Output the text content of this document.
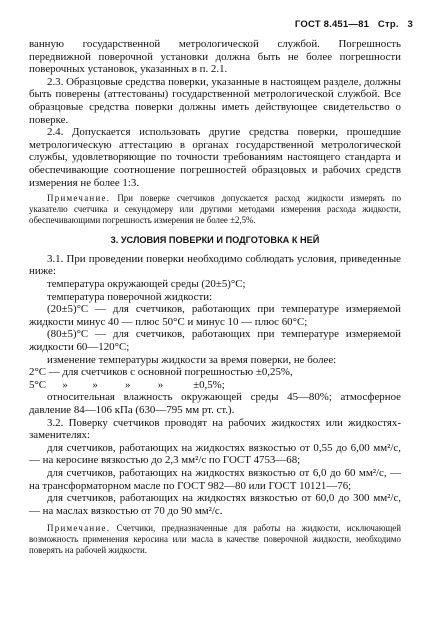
ГОСТ 8.451—81 Стр. 3

ванную государственной метрологической службой. Погрешность передвижной поверочной установки должна быть не более погрешности поверочных установок, указанных в п. 2.1.

2.3. Образцовые средства поверки, указанные в настоящем разделе, должны быть поверены (аттестованы) государственной метрологической службой. Все образцовые средства поверки должны иметь действующее свидетельство о поверке.

2.4. Допускается использовать другие средства поверки, прошедшие метрологическую аттестацию в органах государственной метрологической службы, удовлетворяющие по точности требованиям настоящего стандарта и обеспечивающие соотношение погрешностей образцовых и рабочих средств измерения не более 1:3.

Примечание. При поверке счетчиков допускается расход жидкости измерять по указателю счетчика и секундомеру или другими методами измерения расхода жидкости, обеспечивающими погрешность измерения не более ±2,5%.

3. УСЛОВИЯ ПОВЕРКИ И ПОДГОТОВКА К НЕЙ

3.1. При проведении поверки необходимо соблюдать условия, приведенные ниже:

температура окружающей среды (20±5)°С;

температура поверочной жидкости:

(20±5)°С — для счетчиков, работающих при температуре измеряемой жидкости минус 40 — плюс 50°С и минус 10 — плюс 60°С;

(80±5)°С — для счетчиков, работающих при температуре измеряемой жидкости 60—120°С;

изменение температуры жидкости за время поверки, не более:

2°С — для счетчиков с основной погрешностью ±0,25%,

5°С      »         »          »          »           ±0,5%;

относительная влажность окружающей среды 45—80%; атмосферное давление 84—106 кПа (630—795 мм рт. ст.).

3.2. Поверку счетчиков проводят на рабочих жидкостях или жидкостях-заменителях:

для счетчиков, работающих на жидкостях вязкостью от 0,55 до 6,00 мм²/с, — на керосине вязкостью до 2,3 мм²/с по ГОСТ 4753—68;

для счетчиков, работающих на жидкостях вязкостью от 6,0 до 60 мм²/с, — на трансформаторном масле по ГОСТ 982—80 или ГОСТ 10121—76;

для счетчиков, работающих на жидкостях вязкостью от 60,0 до 300 мм²/с, — на маслах вязкостью от 70 до 90 мм²/с.

Примечание. Счетчики, предназначенные для работы на жидкости, исключающей возможность применения керосина или масла в качестве поверочной жидкости, необходимо поверять на рабочей жидкости.
